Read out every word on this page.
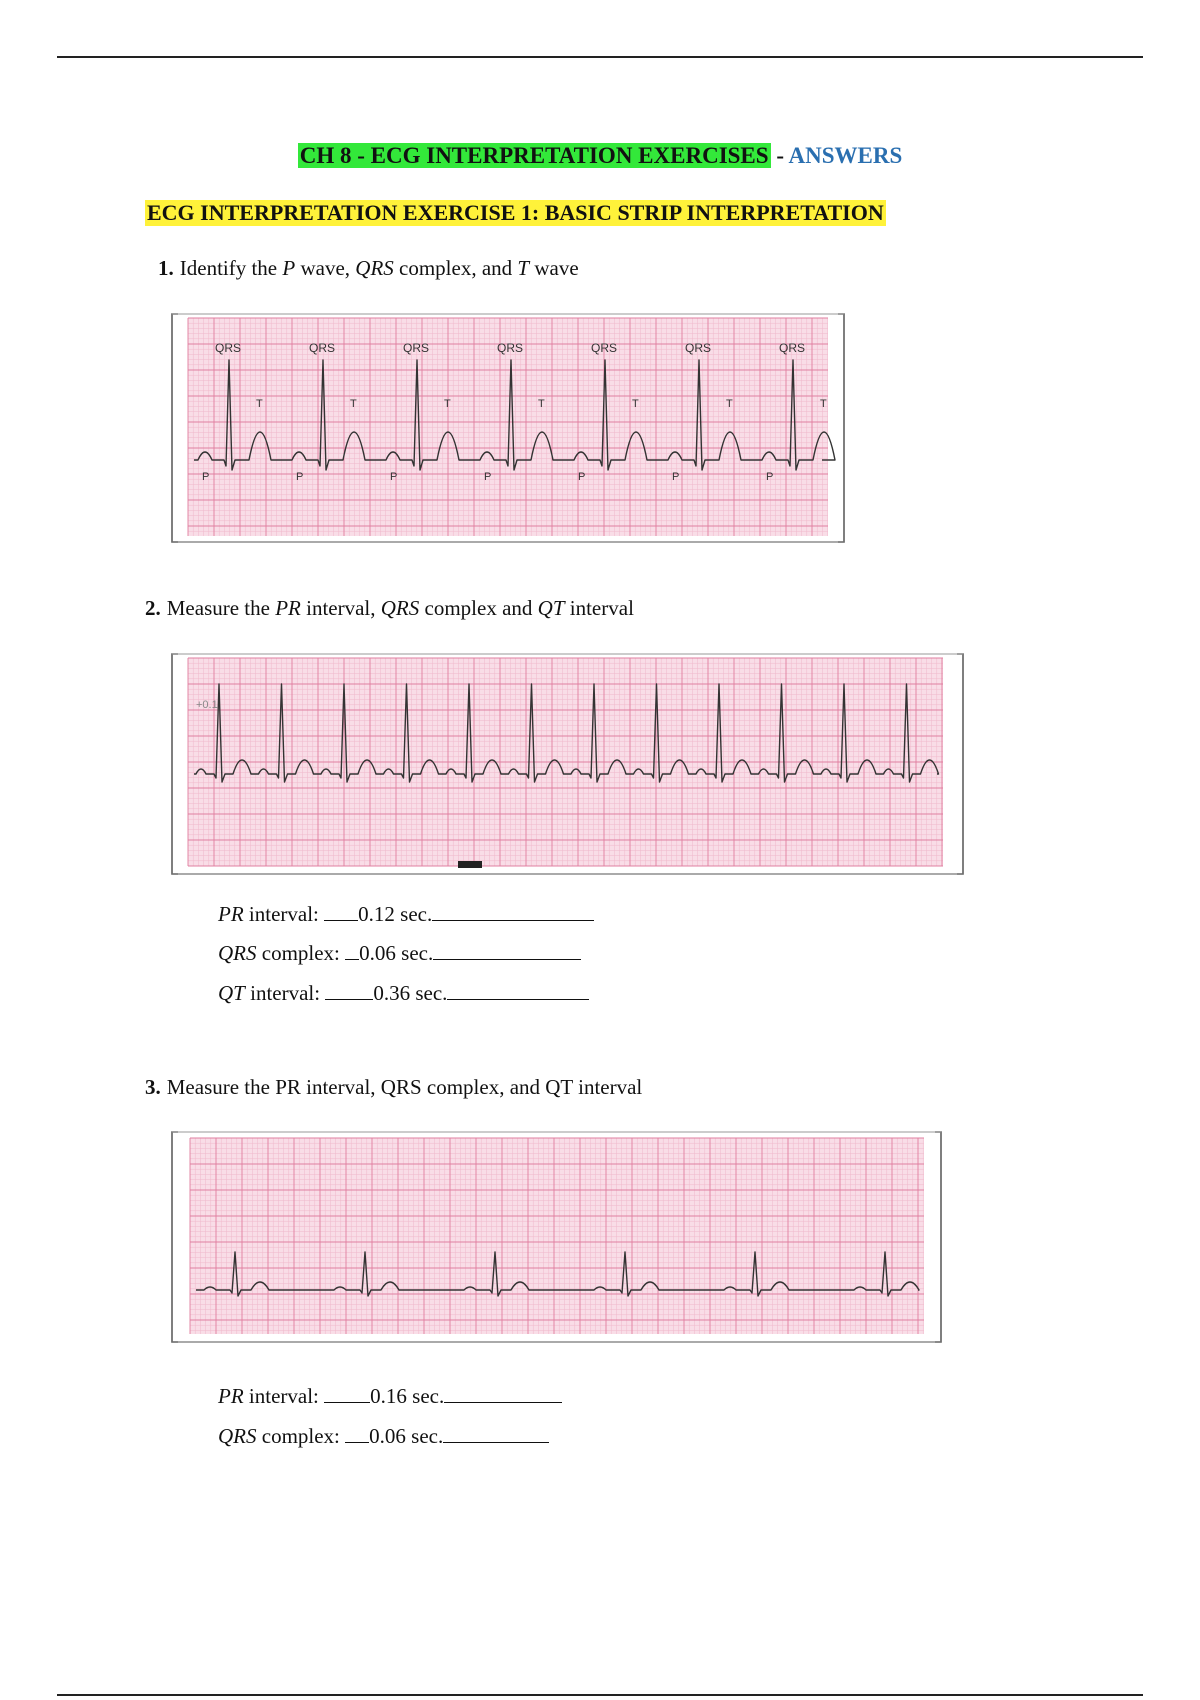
CH 8 - ECG INTERPRETATION EXERCISES - ANSWERS
ECG INTERPRETATION EXERCISE 1: BASIC STRIP INTERPRETATION
1. Identify the P wave, QRS complex, and T wave
QRS
T
P
QRS
T
P
QRS
T
P
QRS
T
P
QRS
T
P
QRS
T
P
QRS
T
P
2. Measure the PR interval, QRS complex and QT interval
+0.1
PR interval: 0.12 sec.
QRS complex: 0.06 sec.
QT interval:	0.36 sec.
3. Measure the PR interval, QRS complex, and QT interval
PR interval: 0.16 sec.
QRS complex: 0.06 sec.
